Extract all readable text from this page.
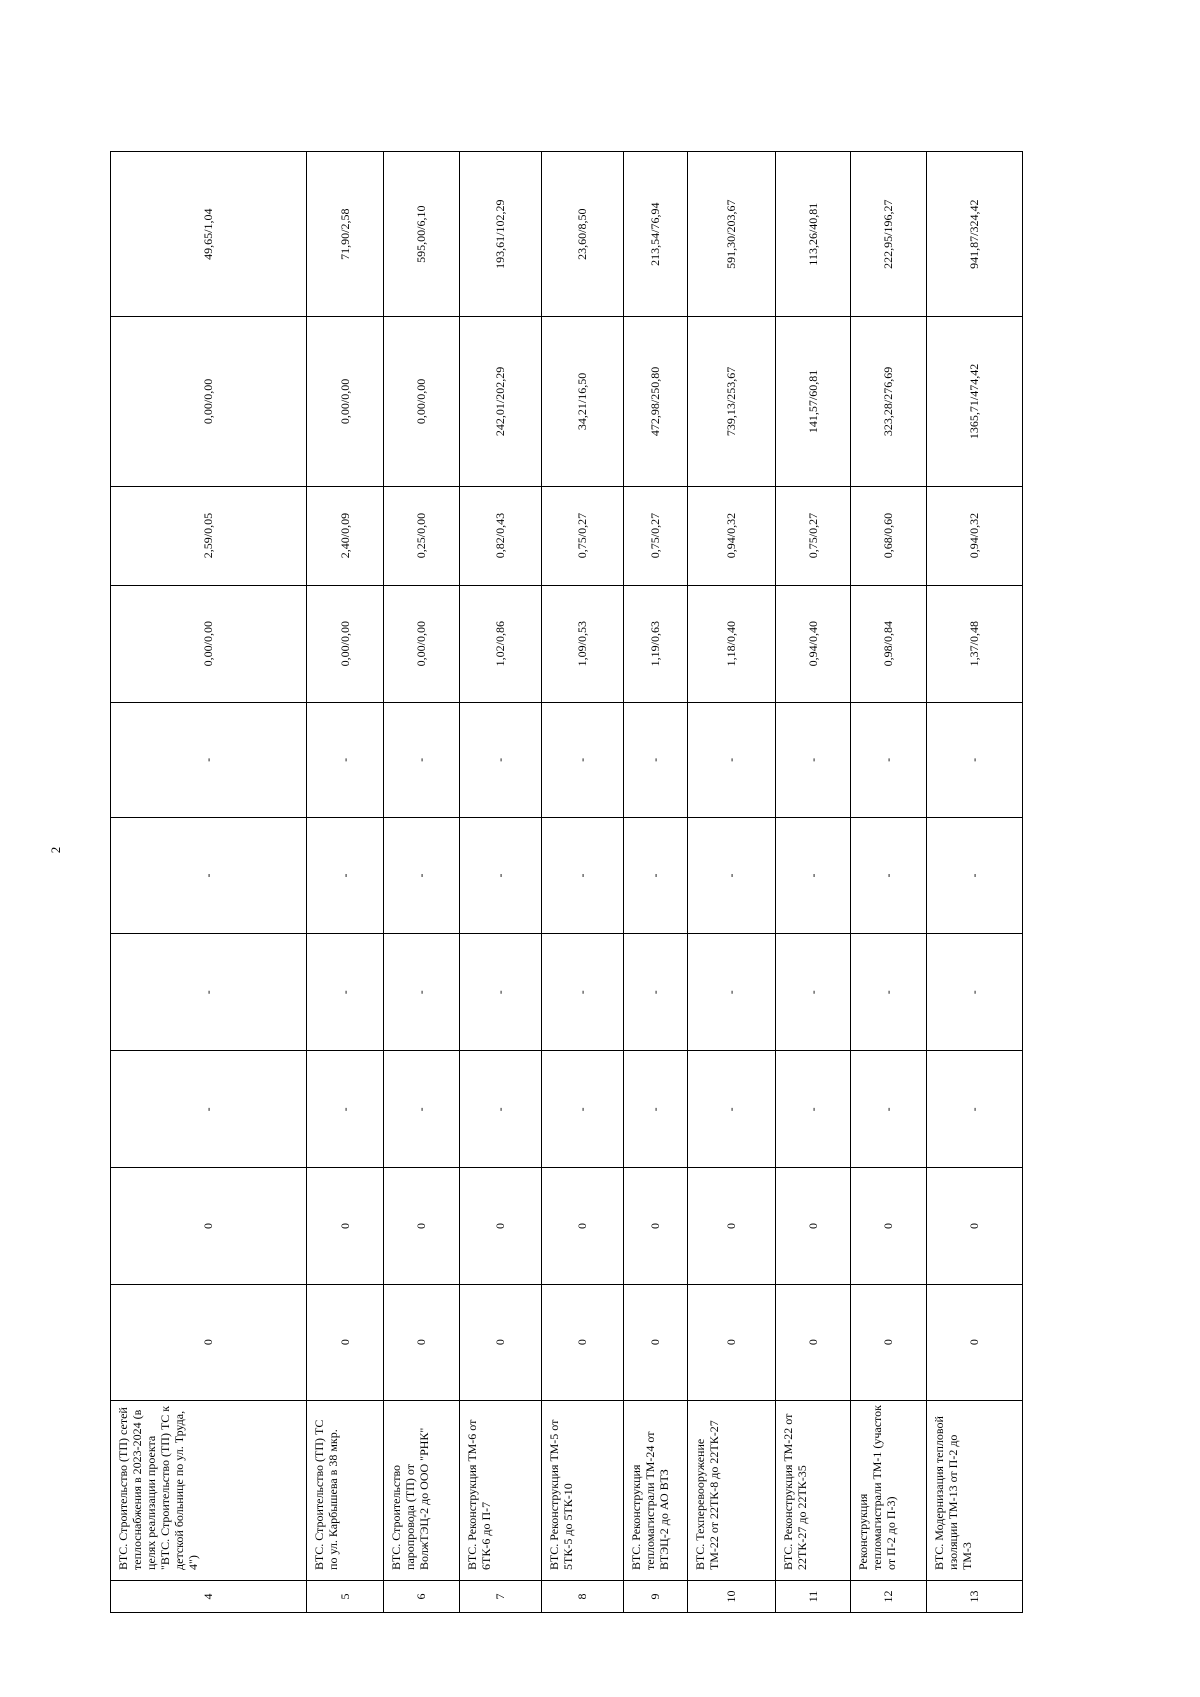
2
4	ВТС. Строительство (ТП) сетей теплоснабжения в 2023-2024 (в целях реализации проекта "ВТС. Строительство (ТП) ТС к детской больнице по ул. Труда, 4")	0	0	-	-	-	-	0,00/0,00	2,59/0,05	0,00/0,00	49,65/1,04
5	ВТС. Строительство (ТП) ТС по ул. Карбышева в 38 мкр.	0	0	-	-	-	-	0,00/0,00	2,40/0,09	0,00/0,00	71,90/2,58
6	ВТС. Строительство паропровода (ТП) от ВолжТЭЦ-2 до ООО "РНК"	0	0	-	-	-	-	0,00/0,00	0,25/0,00	0,00/0,00	595,00/6,10
7	ВТС. Реконструкция ТМ-6 от 6ТК-6 до П-7	0	0	-	-	-	-	1,02/0,86	0,82/0,43	242,01/202,29	193,61/102,29
8	ВТС. Реконструкция ТМ-5 от 5ТК-5 до 5ТК-10	0	0	-	-	-	-	1,09/0,53	0,75/0,27	34,21/16,50	23,60/8,50
9	ВТС. Реконструкция тепломагистрали ТМ-24 от ВТЭЦ-2 до АО ВТЗ	0	0	-	-	-	-	1,19/0,63	0,75/0,27	472,98/250,80	213,54/76,94
10	ВТС. Техперевооружение ТМ-22 от 22ТК-8 до 22ТК-27	0	0	-	-	-	-	1,18/0,40	0,94/0,32	739,13/253,67	591,30/203,67
11	ВТС. Реконструкция ТМ-22 от 22ТК-27 до 22ТК-35	0	0	-	-	-	-	0,94/0,40	0,75/0,27	141,57/60,81	113,26/40,81
12	Реконструкция тепломагистрали ТМ-1 (участок от П-2 до П-3)	0	0	-	-	-	-	0,98/0,84	0,68/0,60	323,28/276,69	222,95/196,27
13	ВТС. Модернизация тепловой изоляции ТМ-13 от П-2 до ТМ-3	0	0	-	-	-	-	1,37/0,48	0,94/0,32	1365,71/474,42	941,87/324,42
